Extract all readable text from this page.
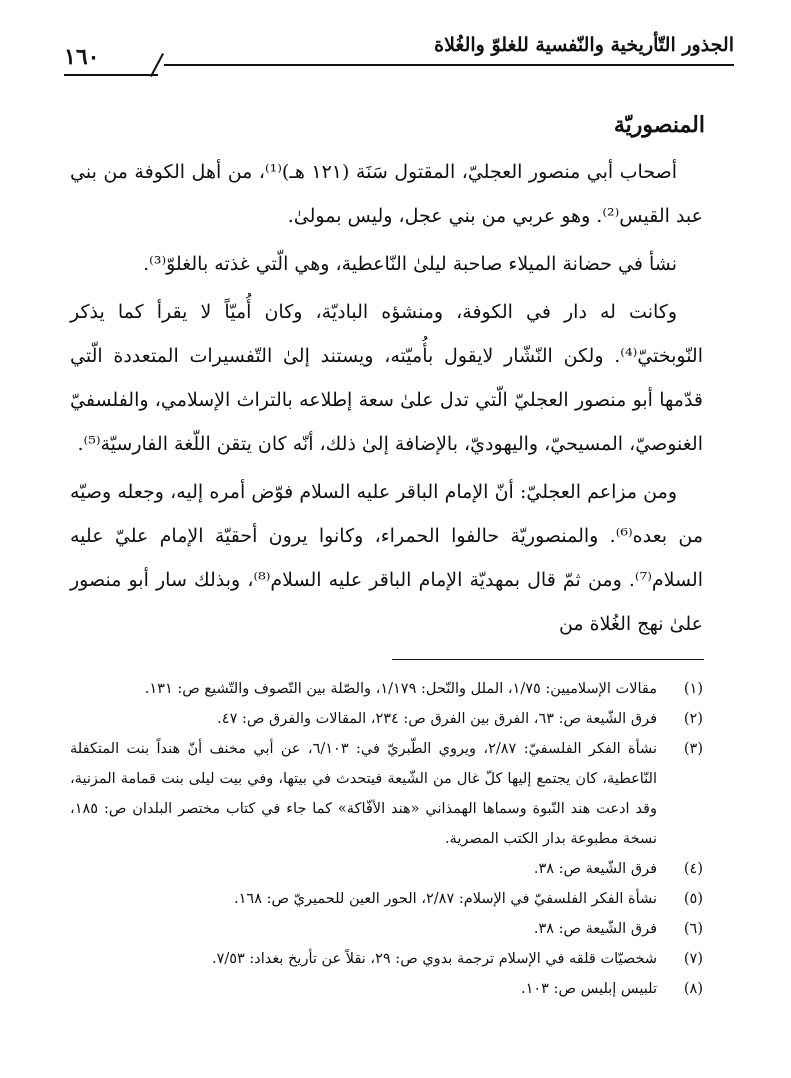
الجذور التّأريخية والنّفسية للغلوّ والغُلاة
١٦٠
المنصوريّة

أصحاب أبي منصور العجليّ، المقتول سَنَة (١٢١ هـ)⁽¹⁾، من أهل الكوفة من بني عبد القيس⁽²⁾. وهو عربي من بني عجل، وليس بمولىٰ.

نشأ في حضانة الميلاء صاحبة ليلىٰ النّاعطية، وهي الّتي غذته بالغلوّ⁽³⁾.

وكانت له دار في الكوفة، ومنشؤه الباديّة، وكان أُميّاً لا يقرأ كما يذكر النّوبختيّ⁽⁴⁾. ولكن النّشّار لايقول بأُميّته، ويستند إلىٰ التّفسيرات المتعددة الّتي قدّمها أبو منصور العجليّ الّتي تدل علىٰ سعة إطلاعه بالتراث الإسلامي، والفلسفيّ الغنوصيّ، المسيحيّ، واليهوديّ، بالإضافة إلىٰ ذلك، أنّه كان يتقن اللّغة الفارسيّة⁽⁵⁾.

ومن مزاعم العجليّ: أنّ الإمام الباقر عليه السلام فوّض أمره إليه، وجعله وصيّه من بعده⁽⁶⁾. والمنصوريّة حالفوا الحمراء، وكانوا يرون أحقيّة الإمام عليّ عليه السلام⁽⁷⁾. ومن ثمّ قال بمهديّة الإمام الباقر عليه السلام⁽⁸⁾، وبذلك سار أبو منصور علىٰ نهج الغُلاة من

(١)
مقالات الإسلاميين: ١/٧٥، الملل والنّحل: ١/١٧٩، والصّلة بين التّصوف والتّشيع ص: ١٣١.
(٢)
فرق الشّيعة ص: ٦٣، الفرق بين الفرق ص: ٢٣٤، المقالات والفرق ص: ٤٧.
(٣)
نشأة الفكر الفلسفيّ: ٢/٨٧، ويروي الطّبريّ في: ٦/١٠٣، عن أبي مخنف أنّ هنداً بنت المتكفلة النّاعطية، كان يجتمع إليها كلّ غال من الشّيعة فيتحدث في بيتها، وفي بيت ليلى بنت قمامة المزنية، وقد ادعت هند النّبوة وسماها الهمذاني «هند الأفّاكة» كما جاء في كتاب مختصر البلدان ص: ١٨٥، نسخة مطبوعة بدار الكتب المصرية.
(٤)
فرق الشّيعة ص: ٣٨.
(٥)
نشأة الفكر الفلسفيّ في الإسلام: ٢/٨٧، الحور العين للحميريّ ص: ١٦٨.
(٦)
فرق الشّيعة ص: ٣٨.
(٧)
شخصيّات قلقه في الإسلام ترجمة بدوي ص: ٢٩، نقلاً عن تأريخ بغداد: ٧/٥٣.
(٨)
تلبيس إبليس ص: ١٠٣.
